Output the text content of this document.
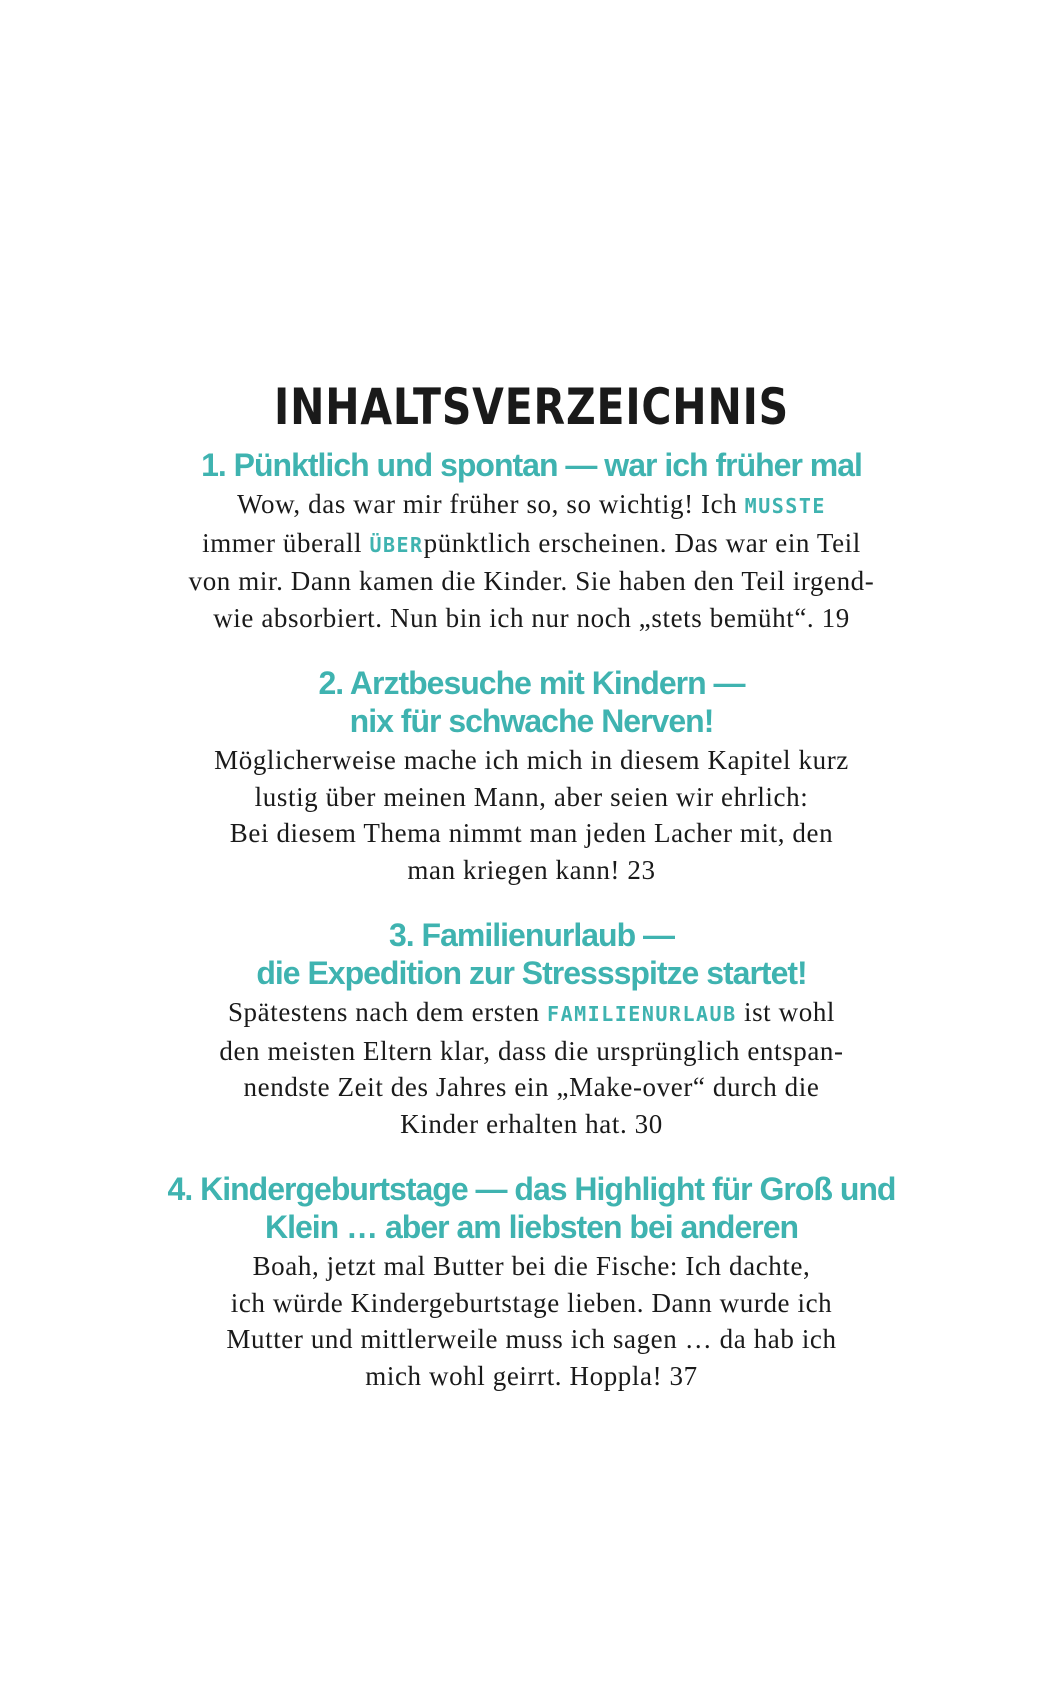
INHALTSVERZEICHNIS
1. Pünktlich und spontan — war ich früher mal

Wow, das war mir früher so, so wichtig! Ich MUSSTE
immer überall ÜBERpünktlich erscheinen. Das war ein Teil
von mir. Dann kamen die Kinder. Sie haben den Teil irgend-
wie absorbiert. Nun bin ich nur noch „stets bemüht“. 19

2. Arztbesuche mit Kindern —
nix für schwache Nerven!

Möglicherweise mache ich mich in diesem Kapitel kurz
lustig über meinen Mann, aber seien wir ehrlich:
Bei diesem Thema nimmt man jeden Lacher mit, den
man kriegen kann! 23

3. Familienurlaub —
die Expedition zur Stressspitze startet!

Spätestens nach dem ersten FAMILIENURLAUB ist wohl
den meisten Eltern klar, dass die ursprünglich entspan-
nendste Zeit des Jahres ein „Make-over“ durch die
Kinder erhalten hat. 30

4. Kindergeburtstage — das Highlight für Groß und
Klein … aber am liebsten bei anderen

Boah, jetzt mal Butter bei die Fische: Ich dachte,
ich würde Kindergeburtstage lieben. Dann wurde ich
Mutter und mittlerweile muss ich sagen … da hab ich
mich wohl geirrt. Hoppla! 37
